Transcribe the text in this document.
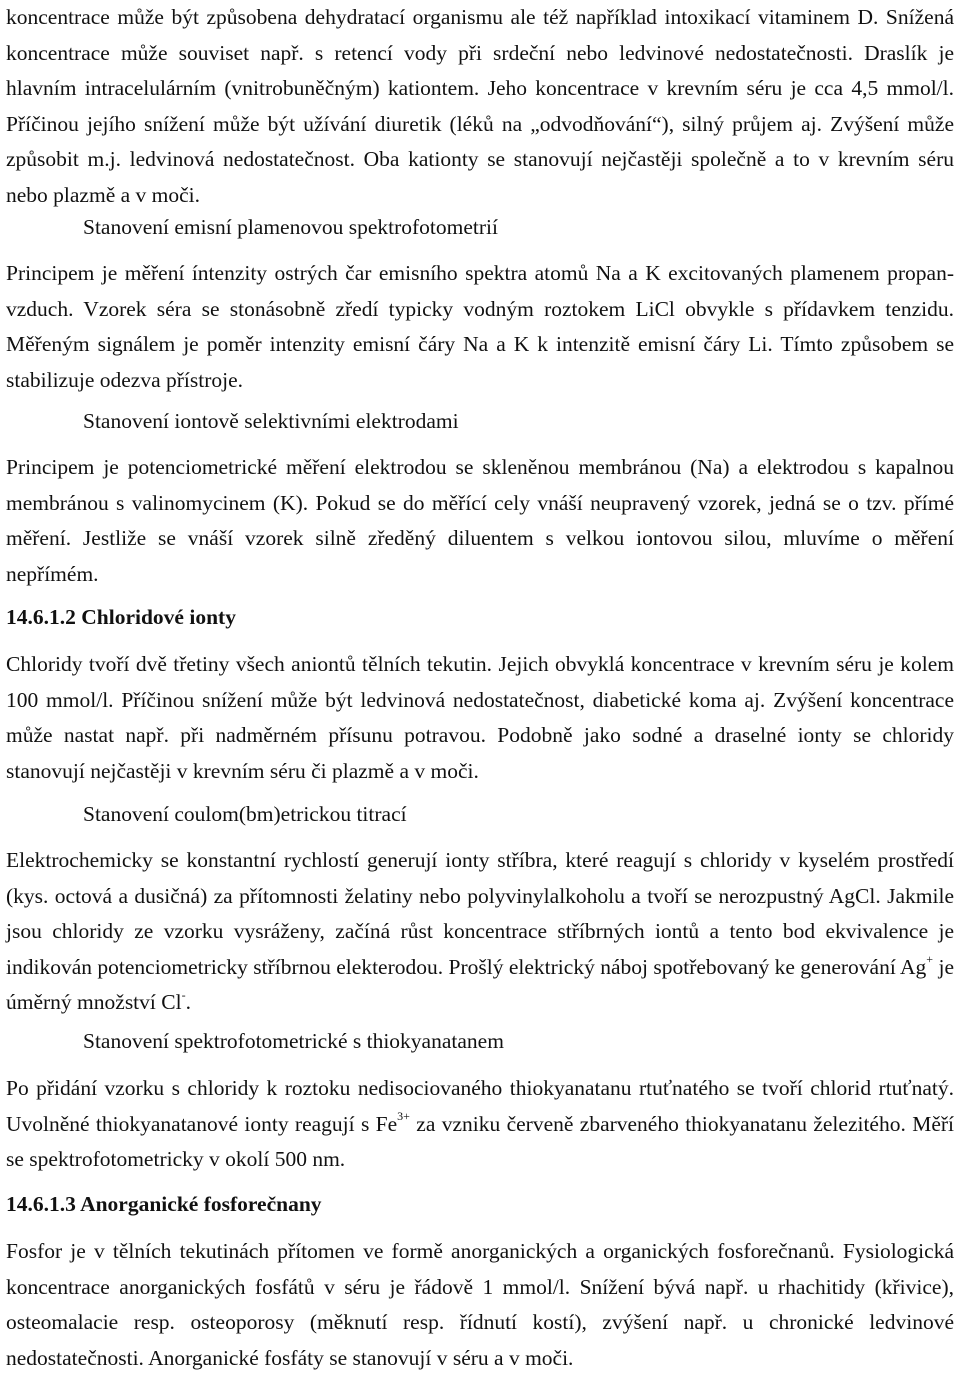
koncentrace může být způsobena dehydratací organismu ale též například intoxikací vitaminem D. Snížená koncentrace může souviset např. s retencí vody při srdeční nebo ledvinové nedostatečnosti. Draslík je hlavním intracelulárním (vnitrobuněčným) kationtem. Jeho koncentrace v krevním séru je cca 4,5 mmol/l. Příčinou jejího snížení může být užívání diuretik (léků na „odvodňování“), silný průjem aj. Zvýšení může způsobit m.j. ledvinová nedostatečnost. Oba kationty se stanovují nejčastěji společně a to v krevním séru nebo plazmě a v moči.

Stanovení emisní plamenovou spektrofotometrií

Principem je měření íntenzity ostrých čar emisního spektra atomů Na a K excitovaných plamenem propan-vzduch. Vzorek séra se stonásobně zředí typicky vodným roztokem LiCl obvykle s přídavkem tenzidu. Měřeným signálem je poměr intenzity emisní čáry Na a K k intenzitě emisní čáry Li. Tímto způsobem se stabilizuje odezva přístroje.

Stanovení iontově selektivními elektrodami

Principem je potenciometrické měření elektrodou se skleněnou membránou (Na) a elektrodou s kapalnou membránou s valinomycinem (K). Pokud se do měřící cely vnáší neupravený vzorek, jedná se o tzv. přímé měření. Jestliže se vnáší vzorek silně zředěný diluentem s velkou iontovou silou, mluvíme o měření nepřímém.

14.6.1.2 Chloridové ionty

Chloridy tvoří dvě třetiny všech aniontů tělních tekutin. Jejich obvyklá koncentrace v krevním séru je kolem 100 mmol/l. Příčinou snížení může být ledvinová nedostatečnost, diabetické koma aj. Zvýšení koncentrace může nastat např. při nadměrném přísunu potravou. Podobně jako sodné a draselné ionty se chloridy stanovují nejčastěji v krevním séru či plazmě a v moči.

Stanovení coulom(bm)etrickou titrací

Elektrochemicky se konstantní rychlostí generují ionty stříbra, které reagují s chloridy v kyselém prostředí (kys. octová a dusičná) za přítomnosti želatiny nebo polyvinylalkoholu a tvoří se nerozpustný AgCl. Jakmile jsou chloridy ze vzorku vysráženy, začíná růst koncentrace stříbrných iontů a tento bod ekvivalence je indikován potenciometricky stříbrnou elekterodou. Prošlý elektrický náboj spotřebovaný ke generování Ag+ je úměrný množství Cl-.

Stanovení spektrofotometrické s thiokyanatanem

Po přidání vzorku s chloridy k roztoku nedisociovaného thiokyanatanu rtuťnatého se tvoří chlorid rtuťnatý. Uvolněné thiokyanatanové ionty reagují s $Fe^{3+}$ za vzniku červeně zbarveného thiokyanatanu železitého. Měří se spektrofotometricky v okolí 500 nm.

14.6.1.3 Anorganické fosforečnany

Fosfor je v tělních tekutinách přítomen ve formě anorganických a organických fosforečnanů. Fysiologická koncentrace anorganických fosfátů v séru je řádově 1 mmol/l. Snížení bývá např. u rhachitidy (křivice), osteomalacie resp. osteoporosy (měknutí resp. řídnutí kostí), zvýšení např. u chronické ledvinové nedostatečnosti. Anorganické fosfáty se stanovují v séru a v moči.
